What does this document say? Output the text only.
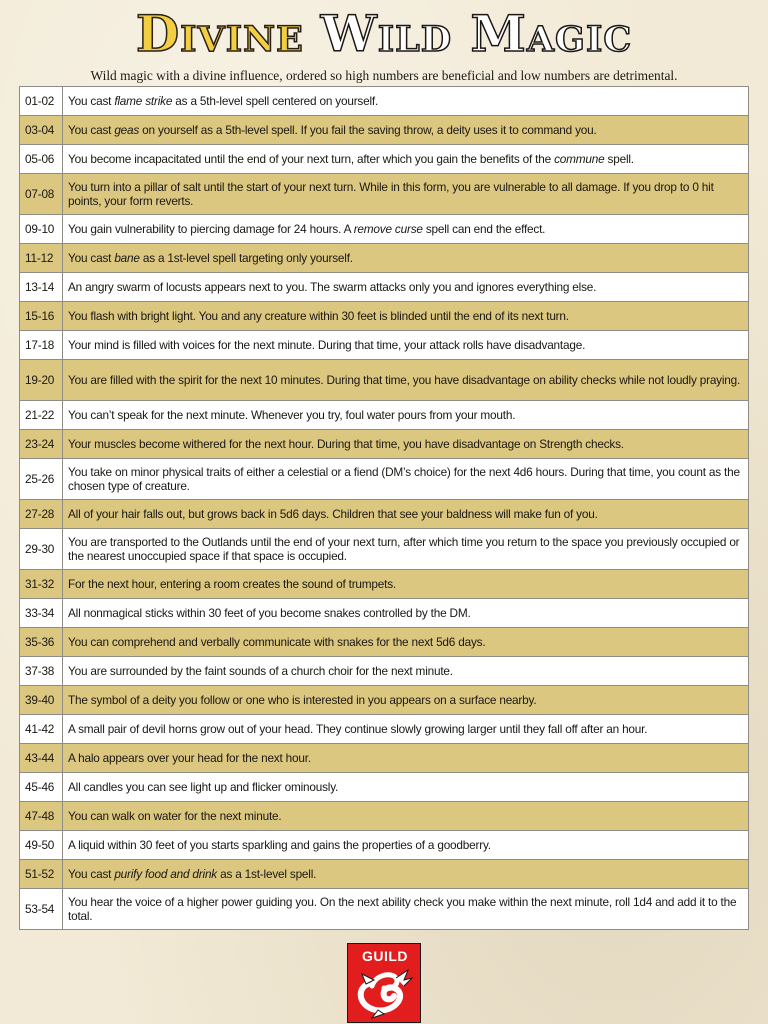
Divine Wild Magic
Wild magic with a divine influence, ordered so high numbers are beneficial and low numbers are detrimental.
01-02	You cast flame strike as a 5th-level spell centered on yourself.
03-04	You cast geas on yourself as a 5th-level spell. If you fail the saving throw, a deity uses it to command you.
05-06	You become incapacitated until the end of your next turn, after which you gain the benefits of the commune spell.
07-08	You turn into a pillar of salt until the start of your next turn. While in this form, you are vulnerable to all damage. If you drop to 0 hit points, your form reverts.
09-10	You gain vulnerability to piercing damage for 24 hours. A remove curse spell can end the effect.
11-12	You cast bane as a 1st-level spell targeting only yourself.
13-14	An angry swarm of locusts appears next to you. The swarm attacks only you and ignores everything else.
15-16	You flash with bright light. You and any creature within 30 feet is blinded until the end of its next turn.
17-18	Your mind is filled with voices for the next minute. During that time, your attack rolls have disadvantage.
19-20	You are filled with the spirit for the next 10 minutes. During that time, you have disadvantage on ability checks while not loudly praying.
21-22	You can’t speak for the next minute. Whenever you try, foul water pours from your mouth.
23-24	Your muscles become withered for the next hour. During that time, you have disadvantage on Strength checks.
25-26	You take on minor physical traits of either a celestial or a fiend (DM’s choice) for the next 4d6 hours. During that time, you count as the chosen type of creature.
27-28	All of your hair falls out, but grows back in 5d6 days. Children that see your baldness will make fun of you.
29-30	You are transported to the Outlands until the end of your next turn, after which time you return to the space you previously occupied or the nearest unoccupied space if that space is occupied.
31-32	For the next hour, entering a room creates the sound of trumpets.
33-34	All nonmagical sticks within 30 feet of you become snakes controlled by the DM.
35-36	You can comprehend and verbally communicate with snakes for the next 5d6 days.
37-38	You are surrounded by the faint sounds of a church choir for the next minute.
39-40	The symbol of a deity you follow or one who is interested in you appears on a surface nearby.
41-42	A small pair of devil horns grow out of your head. They continue slowly growing larger until they fall off after an hour.
43-44	A halo appears over your head for the next hour.
45-46	All candles you can see light up and flicker ominously.
47-48	You can walk on water for the next minute.
49-50	A liquid within 30 feet of you starts sparkling and gains the properties of a goodberry.
51-52	You cast purify food and drink as a 1st-level spell.
53-54	You hear the voice of a higher power guiding you. On the next ability check you make within the next minute, roll 1d4 and add it to the total.
GUILD
